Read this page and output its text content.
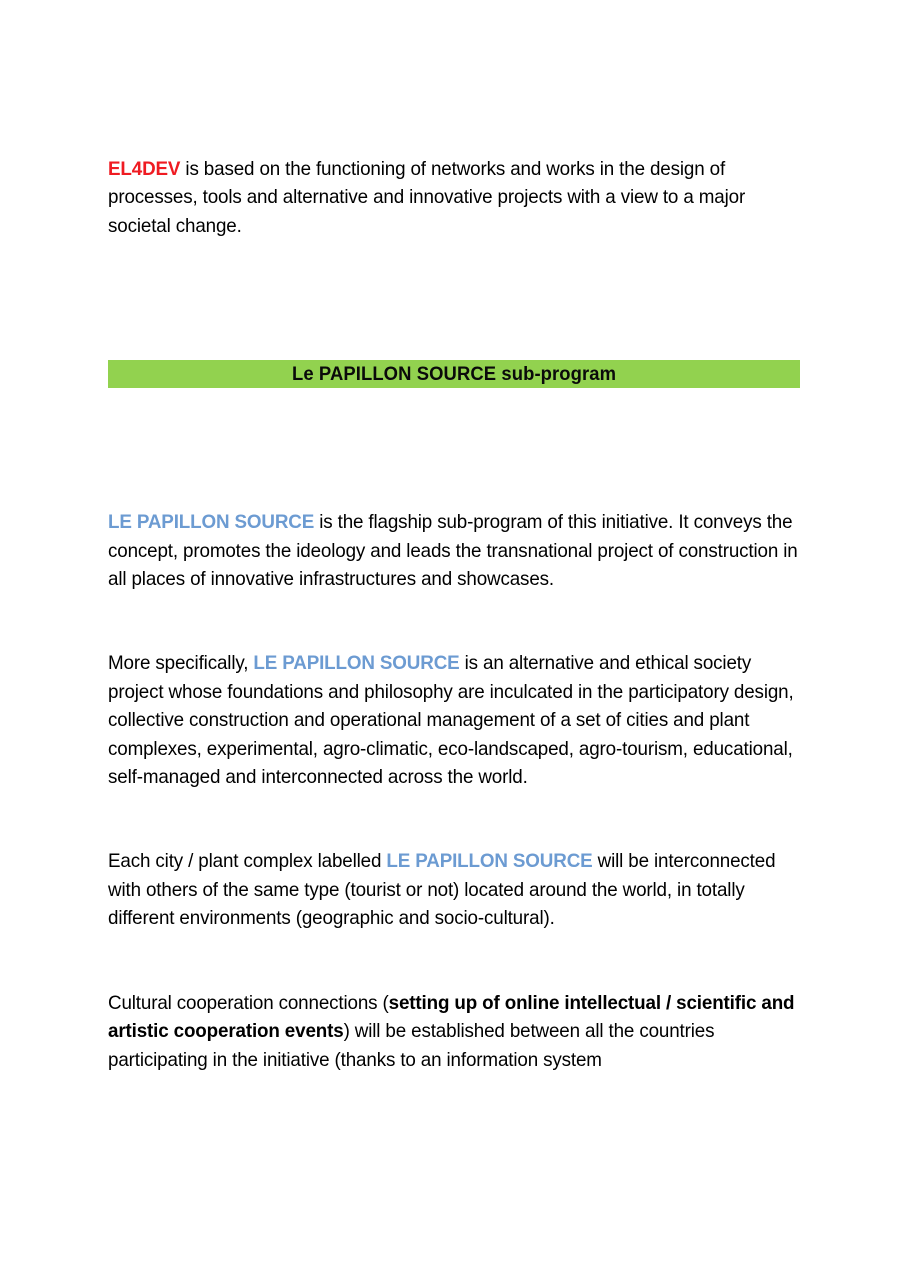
EL4DEV is based on the functioning of networks and works in the design of processes, tools and alternative and innovative projects with a view to a major societal change.

Le PAPILLON SOURCE sub-program

LE PAPILLON SOURCE is the flagship sub-program of this initiative. It conveys the concept, promotes the ideology and leads the transnational project of construction in all places of innovative infrastructures and showcases.

More specifically, LE PAPILLON SOURCE is an alternative and ethical society project whose foundations and philosophy are inculcated in the participatory design, collective construction and operational management of a set of cities and plant complexes, experimental, agro-climatic, eco-landscaped, agro-tourism, educational, self-managed and interconnected across the world.

Each city / plant complex labelled LE PAPILLON SOURCE will be interconnected with others of the same type (tourist or not) located around the world, in totally different environments (geographic and socio-cultural).

Cultural cooperation connections (setting up of online intellectual / scientific and artistic cooperation events) will be established between all the countries participating in the initiative (thanks to an information system
